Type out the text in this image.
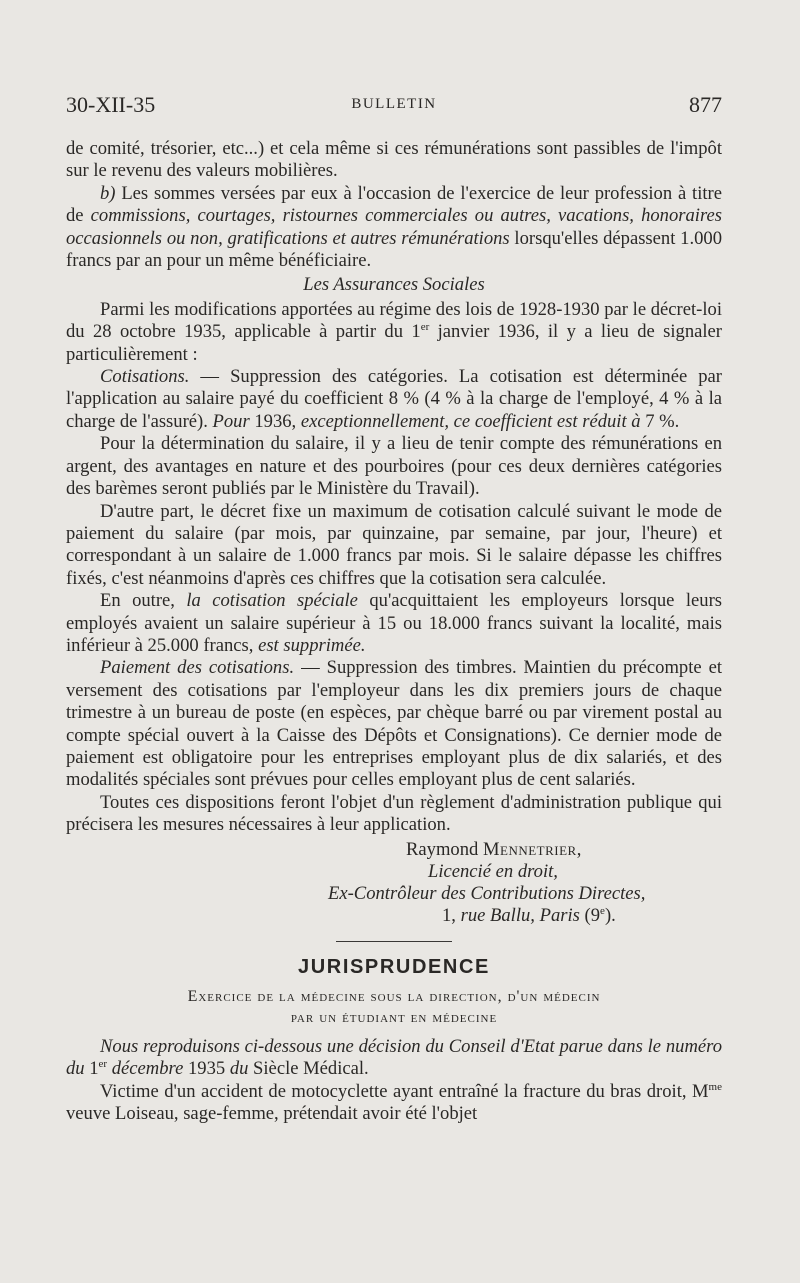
30-XII-35	BULLETIN	877

de comité, trésorier, etc...) et cela même si ces rémunérations sont passibles de l'impôt sur le revenu des valeurs mobilières.

b) Les sommes versées par eux à l'occasion de l'exercice de leur profession à titre de commissions, courtages, ristournes commerciales ou autres, vacations, honoraires occasionnels ou non, gratifications et autres rémunérations lorsqu'elles dépassent 1.000 francs par an pour un même bénéficiaire.

Les Assurances Sociales

Parmi les modifications apportées au régime des lois de 1928-1930 par le décret-loi du 28 octobre 1935, applicable à partir du 1er janvier 1936, il y a lieu de signaler particulièrement :

Cotisations. — Suppression des catégories. La cotisation est déterminée par l'application au salaire payé du coefficient 8 % (4 % à la charge de l'employé, 4 % à la charge de l'assuré). Pour 1936, exceptionnellement, ce coefficient est réduit à 7 %.

Pour la détermination du salaire, il y a lieu de tenir compte des rémunérations en argent, des avantages en nature et des pourboires (pour ces deux dernières catégories des barèmes seront publiés par le Ministère du Travail).

D'autre part, le décret fixe un maximum de cotisation calculé suivant le mode de paiement du salaire (par mois, par quinzaine, par semaine, par jour, l'heure) et correspondant à un salaire de 1.000 francs par mois. Si le salaire dépasse les chiffres fixés, c'est néanmoins d'après ces chiffres que la cotisation sera calculée.

En outre, la cotisation spéciale qu'acquittaient les employeurs lorsque leurs employés avaient un salaire supérieur à 15 ou 18.000 francs suivant la localité, mais inférieur à 25.000 francs, est supprimée.

Paiement des cotisations. — Suppression des timbres. Maintien du précompte et versement des cotisations par l'employeur dans les dix premiers jours de chaque trimestre à un bureau de poste (en espèces, par chèque barré ou par virement postal au compte spécial ouvert à la Caisse des Dépôts et Consignations). Ce dernier mode de paiement est obligatoire pour les entreprises employant plus de dix salariés, et des modalités spéciales sont prévues pour celles employant plus de cent salariés.

Toutes ces dispositions feront l'objet d'un règlement d'administration publique qui précisera les mesures nécessaires à leur application.

Raymond Mennetrier,
Licencié en droit,
Ex-Contrôleur des Contributions Directes,
1, rue Ballu, Paris (9e).
JURISPRUDENCE
Exercice de la médecine sous la direction, d'un médecin
par un étudiant en médecine

Nous reproduisons ci-dessous une décision du Conseil d'Etat parue dans le numéro du 1er décembre 1935 du Siècle Médical.

Victime d'un accident de motocyclette ayant entraîné la fracture du bras droit, $M^{me}$ veuve Loiseau, sage-femme, prétendait avoir été l'objet
